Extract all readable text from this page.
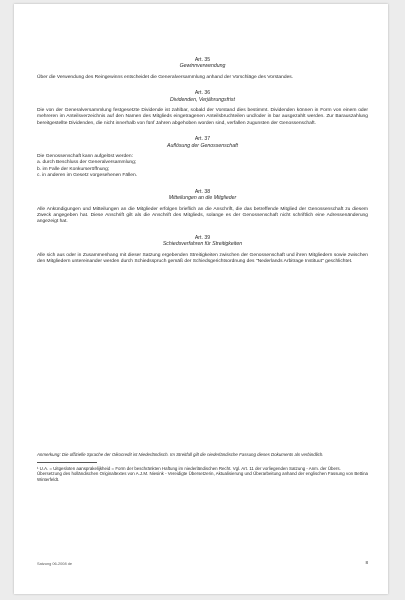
Art. 35
Gewinnverwendung
Über die Verwendung des Reingewinns entscheidet die Generalversammlung anhand der Vorschläge des Vorstandes.
Art. 36
Dividenden, Verjährungsfrist
Die von der Generalversammlung festgesetzte Dividende ist zahlbar, sobald der Vorstand dies bestimmt. Dividenden können in Form von einem oder mehreren im Anteilsverzeichnis auf den Namen des Mitglieds eingetragenen Anteilsbruchteilen und/oder in bar ausgezahlt werden. Zur Barauszahlung bereitgestellte Dividenden, die nicht innerhalb von fünf Jahren abgehoben worden sind, verfallen zugunsten der Genossenschaft.
Art. 37
Auflösung der Genossenschaft
Die Genossenschaft kann aufgelöst werden:
a. durch Beschluss der Generalversammlung;
b. im Falle der Konkurseröffnung;
c. in anderen im Gesetz vorgesehenen Fällen.
Art. 38
Mitteilungen an die Mitglieder
Alle Ankündigungen und Mitteilungen an die Mitglieder erfolgen brieflich an die Anschrift, die das betreffende Mitglied der Genossenschaft zu diesem Zweck angegeben hat. Diese Anschrift gilt als die Anschrift des Mitglieds, solange es der Genossenschaft nicht schriftlich eine Adressenänderung angezeigt hat.
Art. 39
Schiedsverfahren für Streitigkeiten
Alle sich aus oder in Zusammenhang mit dieser Satzung ergebenden Streitigkeiten zwischen der Genossenschaft und ihren Mitgliedern sowie zwischen den Mitgliedern untereinander werden durch Schiedsspruch gemäß der Schiedsgerichtsordnung des "Nederlands Arbitrage Instituut" geschlichtet.
Anmerkung: Die offizielle Sprache der Oikocredit ist Niederländisch. Im Streitfall gilt die niederländische Fassung dieses Dokuments als verbindlich.
¹ U.A. = Uitgesloten aansprakelijkheid = Form der beschränkten Haftung im niederländischen Recht. Vgl. Art. 11 der vorliegenden Satzung - Anm. der Übers.
Übersetzung des holländischen Originaltextes von A.J.M. Niesink - Vereidigte Übersetzerin, Aktualisierung und Überarbeitung anhand der englischen Fassung von Bettina Winterfeldt.
Satzung 06-2008 de	8
